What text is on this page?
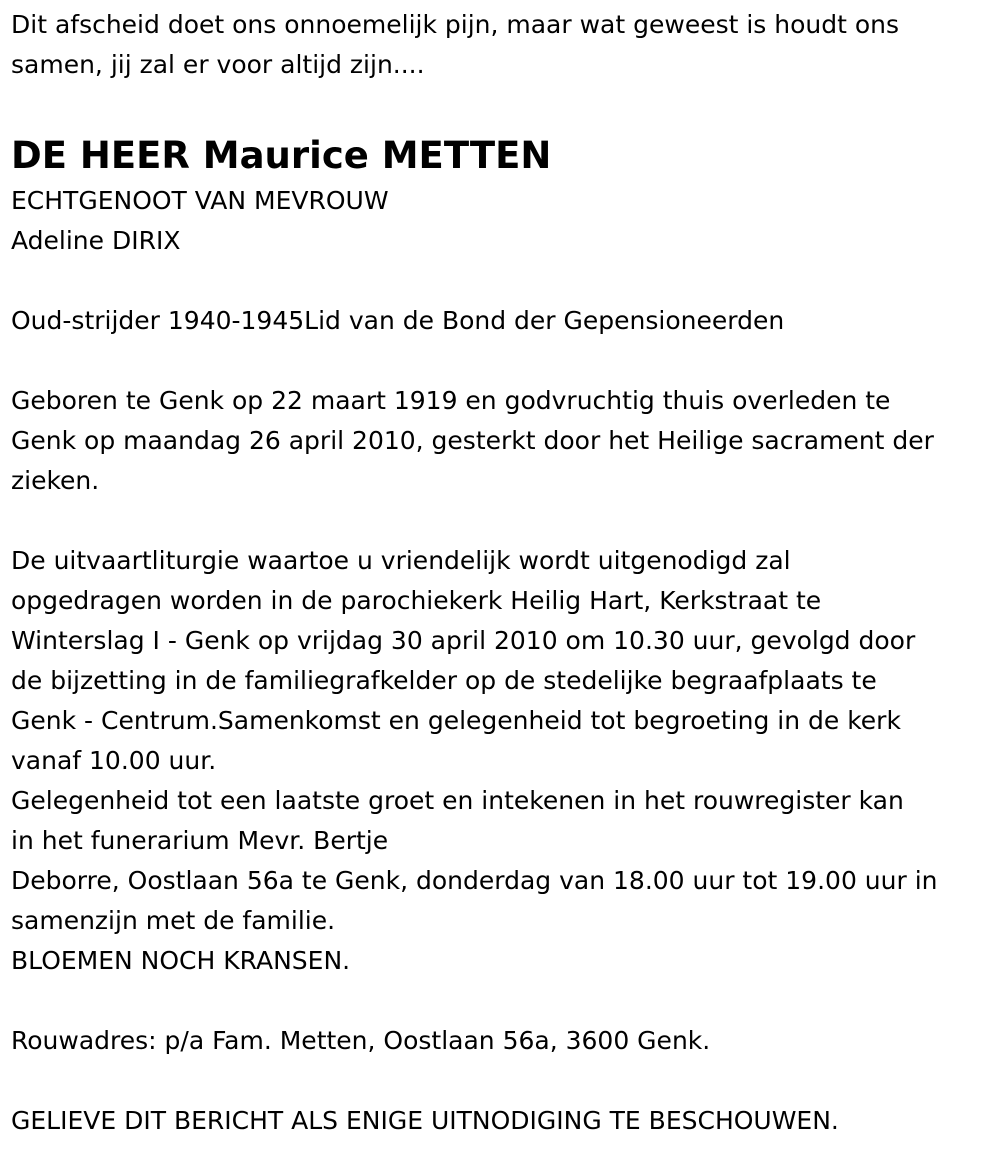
Dit afscheid doet ons onnoemelijk pijn, maar wat geweest is houdt ons
samen, jij zal er voor altijd zijn....
DE HEER Maurice METTEN
ECHTGENOOT VAN MEVROUW
Adeline DIRIX
Oud-strijder 1940-1945Lid van de Bond der Gepensioneerden
Geboren te Genk op 22 maart 1919 en godvruchtig thuis overleden te
Genk op maandag 26 april 2010, gesterkt door het Heilige sacrament der
zieken.
De uitvaartliturgie waartoe u vriendelijk wordt uitgenodigd zal
opgedragen worden in de parochiekerk Heilig Hart, Kerkstraat te
Winterslag I - Genk op vrijdag 30 april 2010 om 10.30 uur, gevolgd door
de bijzetting in de familiegrafkelder op de stedelijke begraafplaats te
Genk - Centrum.Samenkomst en gelegenheid tot begroeting in de kerk
vanaf 10.00 uur.
Gelegenheid tot een laatste groet en intekenen in het rouwregister kan
in het funerarium Mevr. Bertje
Deborre, Oostlaan 56a te Genk, donderdag van 18.00 uur tot 19.00 uur in
samenzijn met de familie.
BLOEMEN NOCH KRANSEN.
Rouwadres: p/a Fam. Metten, Oostlaan 56a, 3600 Genk.
GELIEVE DIT BERICHT ALS ENIGE UITNODIGING TE BESCHOUWEN.
